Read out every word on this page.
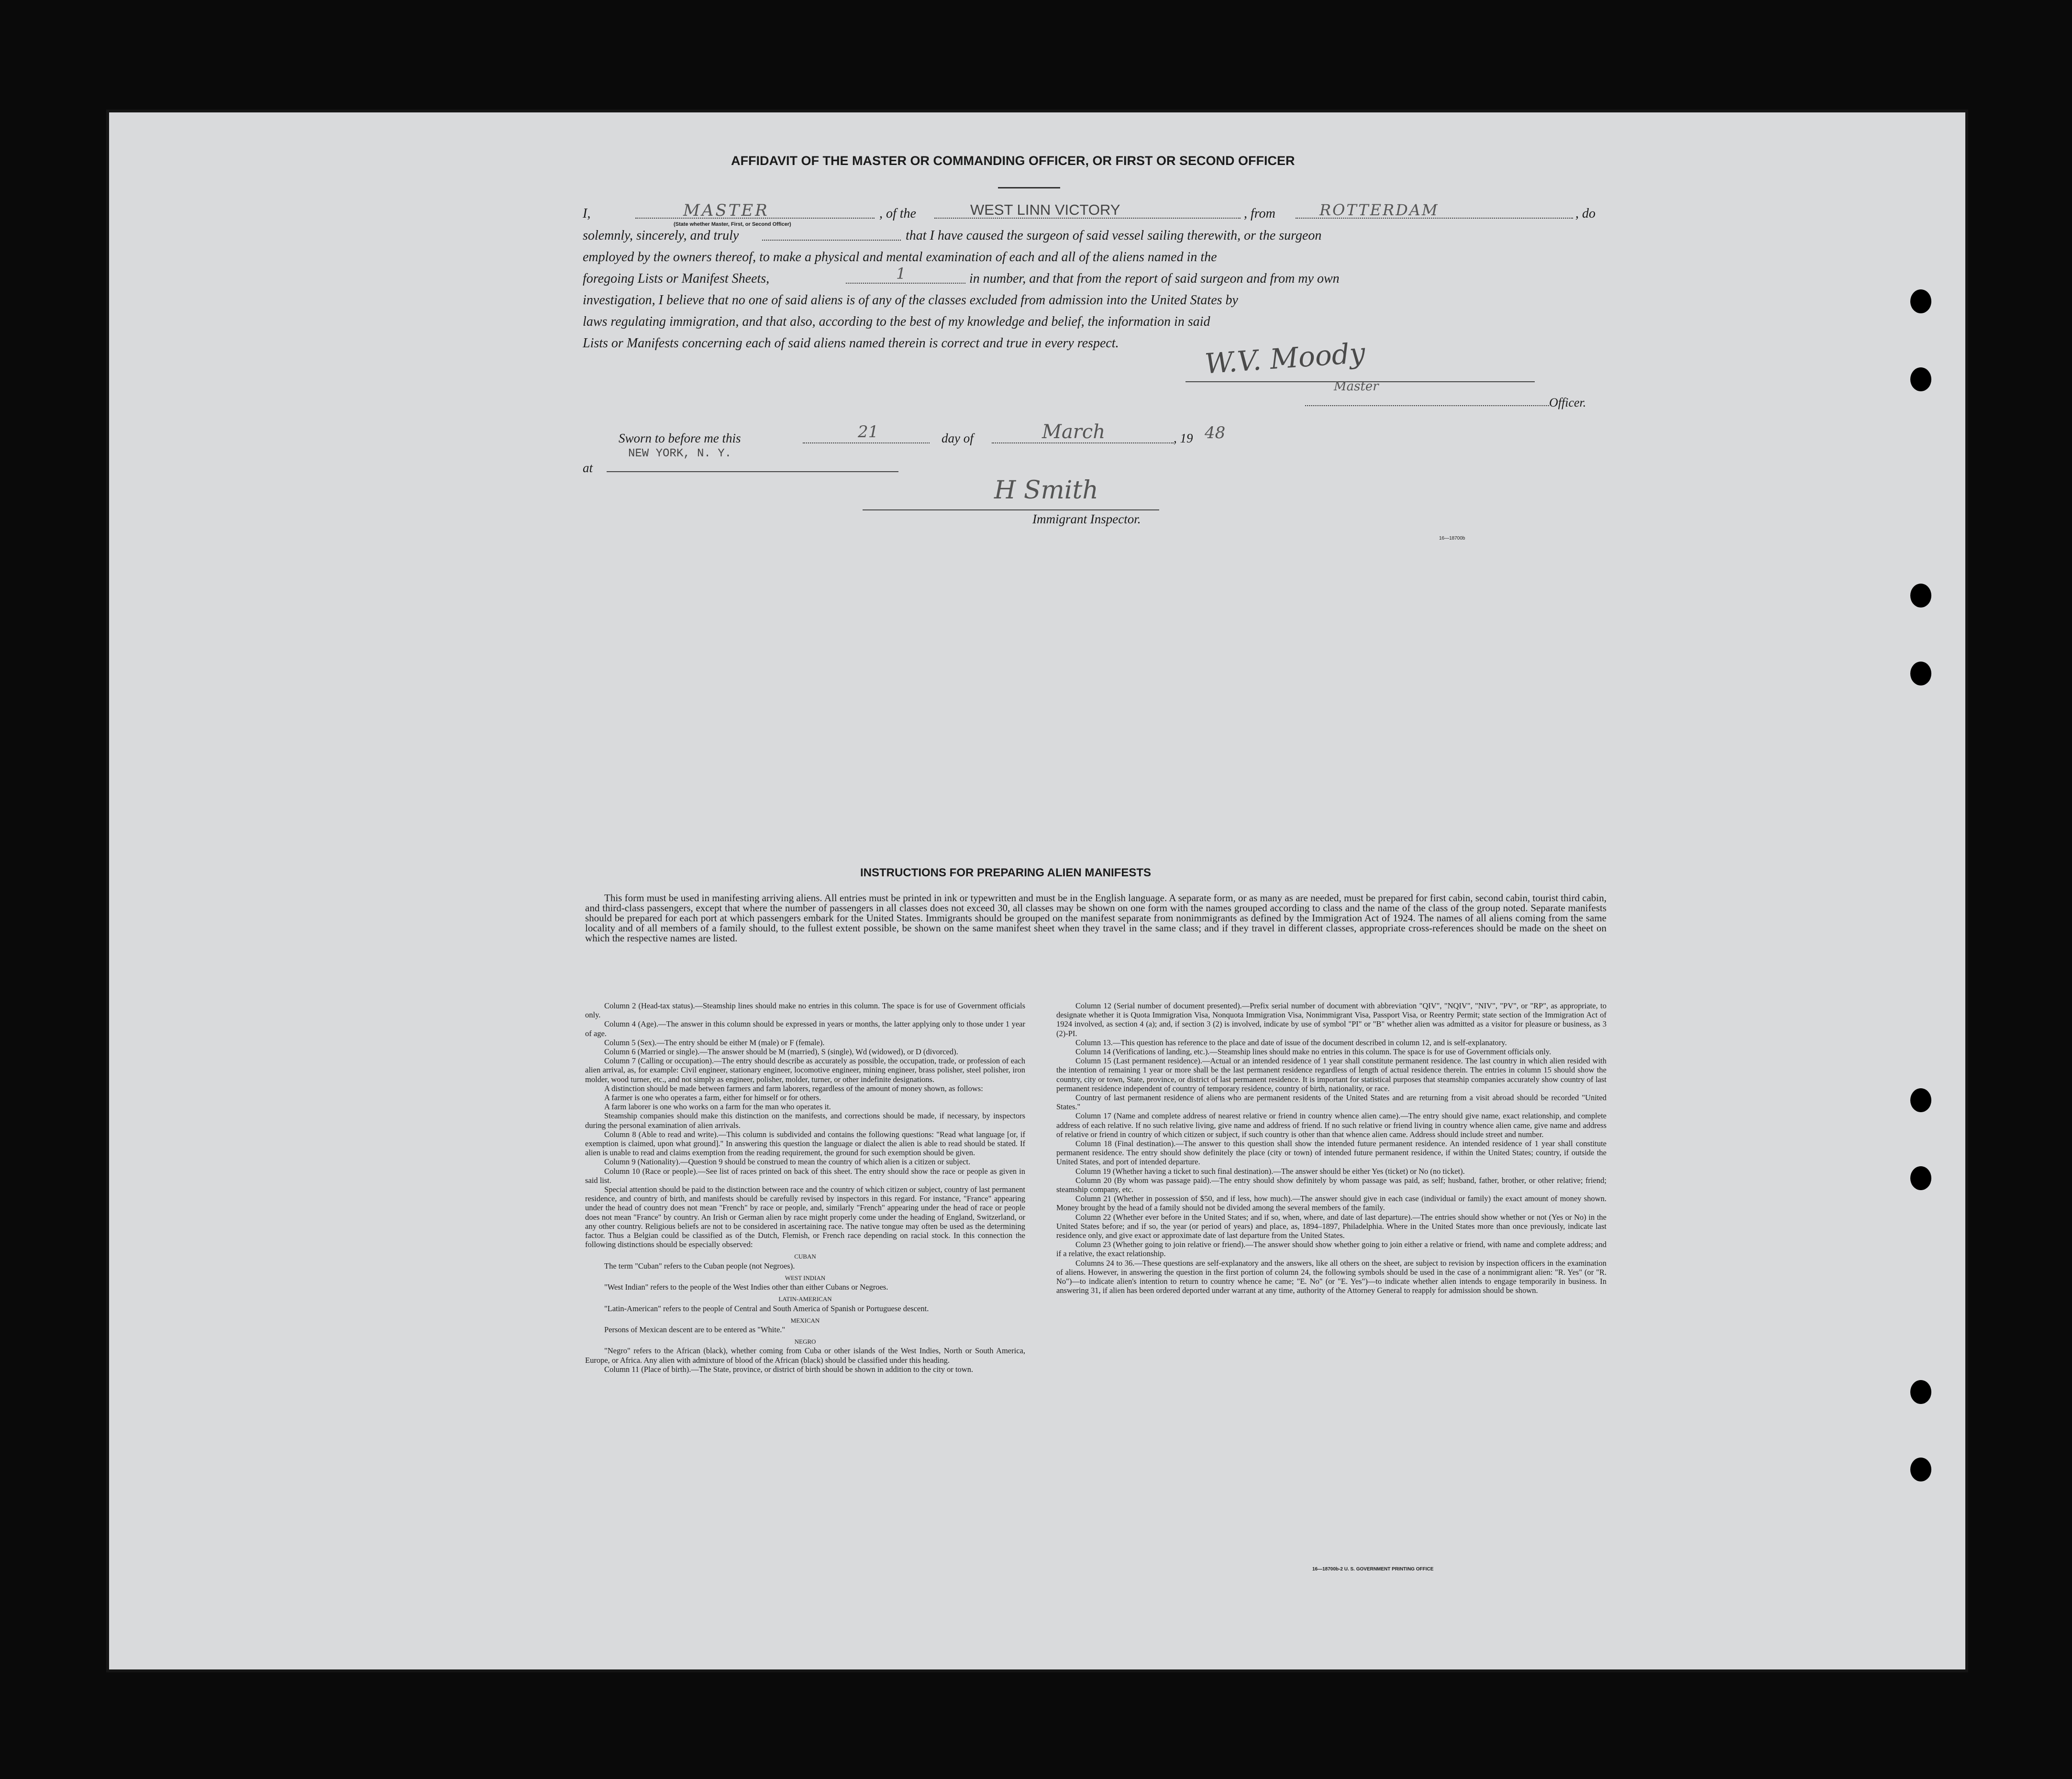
AFFIDAVIT OF THE MASTER OR COMMANDING OFFICER, OR FIRST OR SECOND OFFICER
I,	MASTER
(State whether Master, First, or Second Officer)
, of the	WEST LINN VICTORY	, from	ROTTERDAM	, do
solemnly, sincerely, and truly	that I have caused the surgeon of said vessel sailing therewith, or the surgeon
employed by the owners thereof, to make a physical and mental examination of each and all of the aliens named in the
foregoing Lists or Manifest Sheets,	1	in number, and that from the report of said surgeon and from my own
investigation, I believe that no one of said aliens is of any of the classes excluded from admission into the United States by
laws regulating immigration, and that also, according to the best of my knowledge and belief, the information in said
Lists or Manifests concerning each of said aliens named therein is correct and true in every respect.	W.V. Moody
Master
Officer.
Sworn to before me this	21	day of	March	, 19 48
NEW YORK, N. Y.
at
H Smith
Immigrant Inspector.
16—18700b
INSTRUCTIONS FOR PREPARING ALIEN MANIFESTS

This form must be used in manifesting arriving aliens. All entries must be printed in ink or typewritten and must be in the English language. A separate form, or as many as are needed, must be prepared for first cabin, second cabin, tourist third cabin, and third-class passengers, except that where the number of passengers in all classes does not exceed 30, all classes may be shown on one form with the names grouped according to class and the name of the class of the group noted. Separate manifests should be prepared for each port at which passengers embark for the United States. Immigrants should be grouped on the manifest separate from nonimmigrants as defined by the Immigration Act of 1924. The names of all aliens coming from the same locality and of all members of a family should, to the fullest extent possible, be shown on the same manifest sheet when they travel in the same class; and if they travel in different classes, appropriate cross-references should be made on the sheet on which the respective names are listed.

Column 2 (Head-tax status).—Steamship lines should make no entries in this column. The space is for use of Government officials only.

Column 4 (Age).—The answer in this column should be expressed in years or months, the latter applying only to those under 1 year of age.

Column 5 (Sex).—The entry should be either M (male) or F (female).

Column 6 (Married or single).—The answer should be M (married), S (single), Wd (widowed), or D (divorced).

Column 7 (Calling or occupation).—The entry should describe as accurately as possible, the occupation, trade, or profession of each alien arrival, as, for example: Civil engineer, stationary engineer, locomotive engineer, mining engineer, brass polisher, steel polisher, iron molder, wood turner, etc., and not simply as engineer, polisher, molder, turner, or other indefinite designations.

A distinction should be made between farmers and farm laborers, regardless of the amount of money shown, as follows:

A farmer is one who operates a farm, either for himself or for others.

A farm laborer is one who works on a farm for the man who operates it.

Steamship companies should make this distinction on the manifests, and corrections should be made, if necessary, by inspectors during the personal examination of alien arrivals.

Column 8 (Able to read and write).—This column is subdivided and contains the following questions: "Read what language [or, if exemption is claimed, upon what ground]." In answering this question the language or dialect the alien is able to read should be stated. If alien is unable to read and claims exemption from the reading requirement, the ground for such exemption should be given.

Column 9 (Nationality).—Question 9 should be construed to mean the country of which alien is a citizen or subject.

Column 10 (Race or people).—See list of races printed on back of this sheet. The entry should show the race or people as given in said list.

Special attention should be paid to the distinction between race and the country of which citizen or subject, country of last permanent residence, and country of birth, and manifests should be carefully revised by inspectors in this regard. For instance, "France" appearing under the head of country does not mean "French" by race or people, and, similarly "French" appearing under the head of race or people does not mean "France" by country. An Irish or German alien by race might properly come under the heading of England, Switzerland, or any other country. Religious beliefs are not to be considered in ascertaining race. The native tongue may often be used as the determining factor. Thus a Belgian could be classified as of the Dutch, Flemish, or French race depending on racial stock. In this connection the following distinctions should be especially observed:

CUBAN

The term "Cuban" refers to the Cuban people (not Negroes).

WEST INDIAN

"West Indian" refers to the people of the West Indies other than either Cubans or Negroes.

LATIN-AMERICAN

"Latin-American" refers to the people of Central and South America of Spanish or Portuguese descent.

MEXICAN

Persons of Mexican descent are to be entered as "White."

NEGRO

"Negro" refers to the African (black), whether coming from Cuba or other islands of the West Indies, North or South America, Europe, or Africa. Any alien with admixture of blood of the African (black) should be classified under this heading.

Column 11 (Place of birth).—The State, province, or district of birth should be shown in addition to the city or town.

Column 12 (Serial number of document presented).—Prefix serial number of document with abbreviation "QIV", "NQIV", "NIV", "PV", or "RP", as appropriate, to designate whether it is Quota Immigration Visa, Nonquota Immigration Visa, Nonimmigrant Visa, Passport Visa, or Reentry Permit; state section of the Immigration Act of 1924 involved, as section 4 (a); and, if section 3 (2) is involved, indicate by use of symbol "PI" or "B" whether alien was admitted as a visitor for pleasure or business, as 3 (2)-PI.

Column 13.—This question has reference to the place and date of issue of the document described in column 12, and is self-explanatory.

Column 14 (Verifications of landing, etc.).—Steamship lines should make no entries in this column. The space is for use of Government officials only.

Column 15 (Last permanent residence).—Actual or an intended residence of 1 year shall constitute permanent residence. The last country in which alien resided with the intention of remaining 1 year or more shall be the last permanent residence regardless of length of actual residence therein. The entries in column 15 should show the country, city or town, State, province, or district of last permanent residence. It is important for statistical purposes that steamship companies accurately show country of last permanent residence independent of country of temporary residence, country of birth, nationality, or race.

Country of last permanent residence of aliens who are permanent residents of the United States and are returning from a visit abroad should be recorded "United States."

Column 17 (Name and complete address of nearest relative or friend in country whence alien came).—The entry should give name, exact relationship, and complete address of each relative. If no such relative living, give name and address of friend. If no such relative or friend living in country whence alien came, give name and address of relative or friend in country of which citizen or subject, if such country is other than that whence alien came. Address should include street and number.

Column 18 (Final destination).—The answer to this question shall show the intended future permanent residence. An intended residence of 1 year shall constitute permanent residence. The entry should show definitely the place (city or town) of intended future permanent residence, if within the United States; country, if outside the United States, and port of intended departure.

Column 19 (Whether having a ticket to such final destination).—The answer should be either Yes (ticket) or No (no ticket).

Column 20 (By whom was passage paid).—The entry should show definitely by whom passage was paid, as self; husband, father, brother, or other relative; friend; steamship company, etc.

Column 21 (Whether in possession of $50, and if less, how much).—The answer should give in each case (individual or family) the exact amount of money shown. Money brought by the head of a family should not be divided among the several members of the family.

Column 22 (Whether ever before in the United States; and if so, when, where, and date of last departure).—The entries should show whether or not (Yes or No) in the United States before; and if so, the year (or period of years) and place, as, 1894–1897, Philadelphia. Where in the United States more than once previously, indicate last residence only, and give exact or approximate date of last departure from the United States.

Column 23 (Whether going to join relative or friend).—The answer should show whether going to join either a relative or friend, with name and complete address; and if a relative, the exact relationship.

Columns 24 to 36.—These questions are self-explanatory and the answers, like all others on the sheet, are subject to revision by inspection officers in the examination of aliens. However, in answering the question in the first portion of column 24, the following symbols should be used in the case of a nonimmigrant alien: "R. Yes" (or "R. No")—to indicate alien's intention to return to country whence he came; "E. No" (or "E. Yes")—to indicate whether alien intends to engage temporarily in business. In answering 31, if alien has been ordered deported under warrant at any time, authority of the Attorney General to reapply for admission should be shown.

16—18700b-2 U. S. GOVERNMENT PRINTING OFFICE
